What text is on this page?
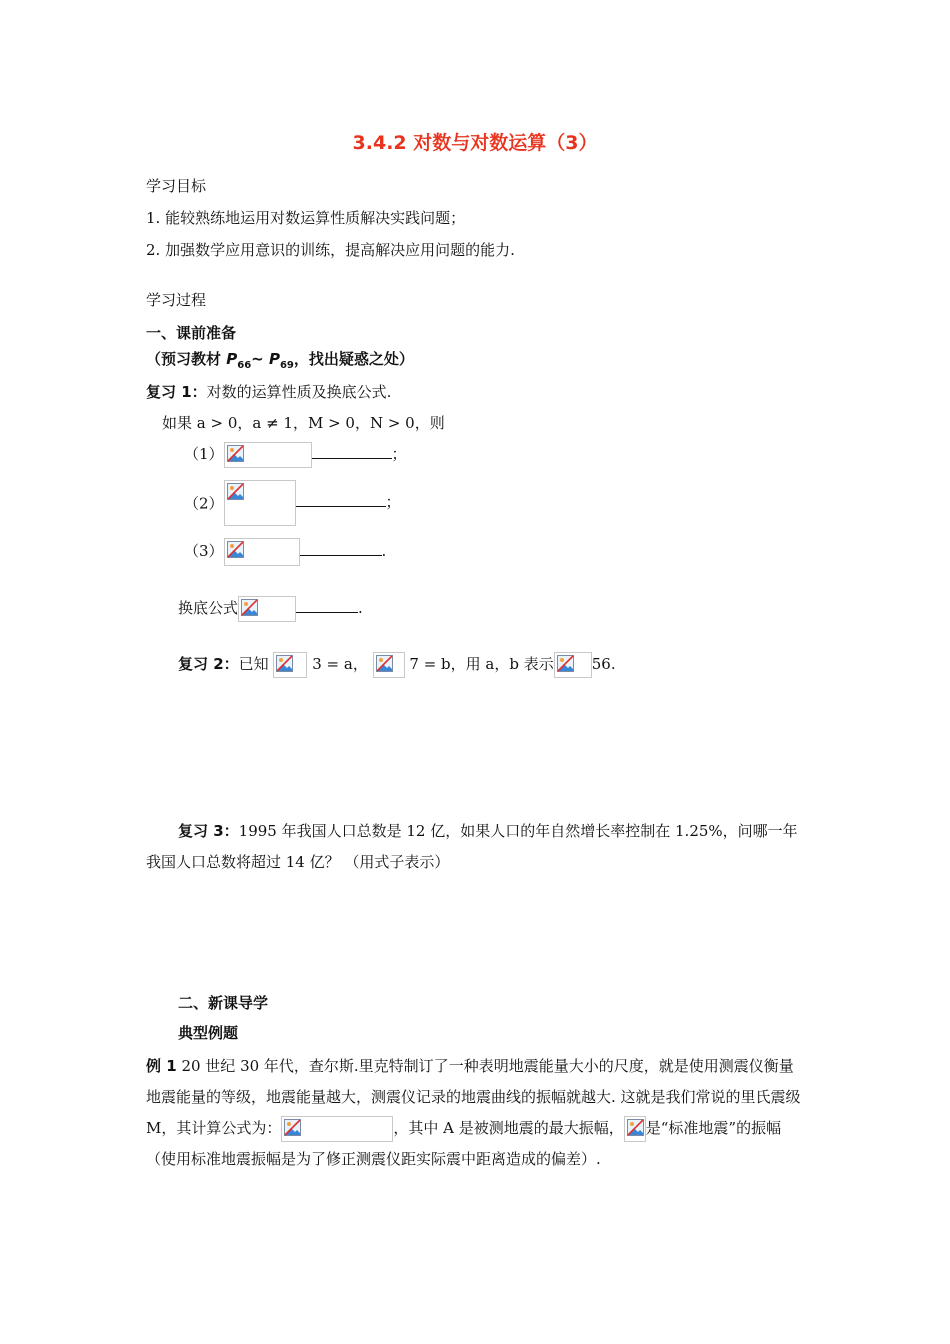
3.4.2 对数与对数运算（3）
学习目标
1. 能较熟练地运用对数运算性质解决实践问题；
2. 加强数学应用意识的训练，提高解决应用问题的能力.
学习过程
一、课前准备
（预习教材 $P_{66}\sim$ $P_{69}$，找出疑惑之处）
复习 1：对数的运算性质及换底公式.
如果 a > 0，a ≠ 1，M > 0，N > 0，则
（1）	；
（2）	；
（3）	.
换底公式	.
复习 2：已知	3 = a，	7 = b，用 a，b 表示	56.
复习 3：1995 年我国人口总数是 12 亿，如果人口的年自然增长率控制在 1.25%，问哪一年我国人口总数将超过 14 亿？ （用式子表示）
二、新课导学
典型例题
例 1 20 世纪 30 年代，查尔斯.里克特制订了一种表明地震能量大小的尺度，就是使用测震仪衡量地震能量的等级，地震能量越大，测震仪记录的地震曲线的振幅就越大. 这就是我们常说的里氏震级 M，其计算公式为：	，其中 A 是被测地震的最大振幅， 是“标准地震”的振幅（使用标准地震振幅是为了修正测震仪距实际震中距离造成的偏差）.
